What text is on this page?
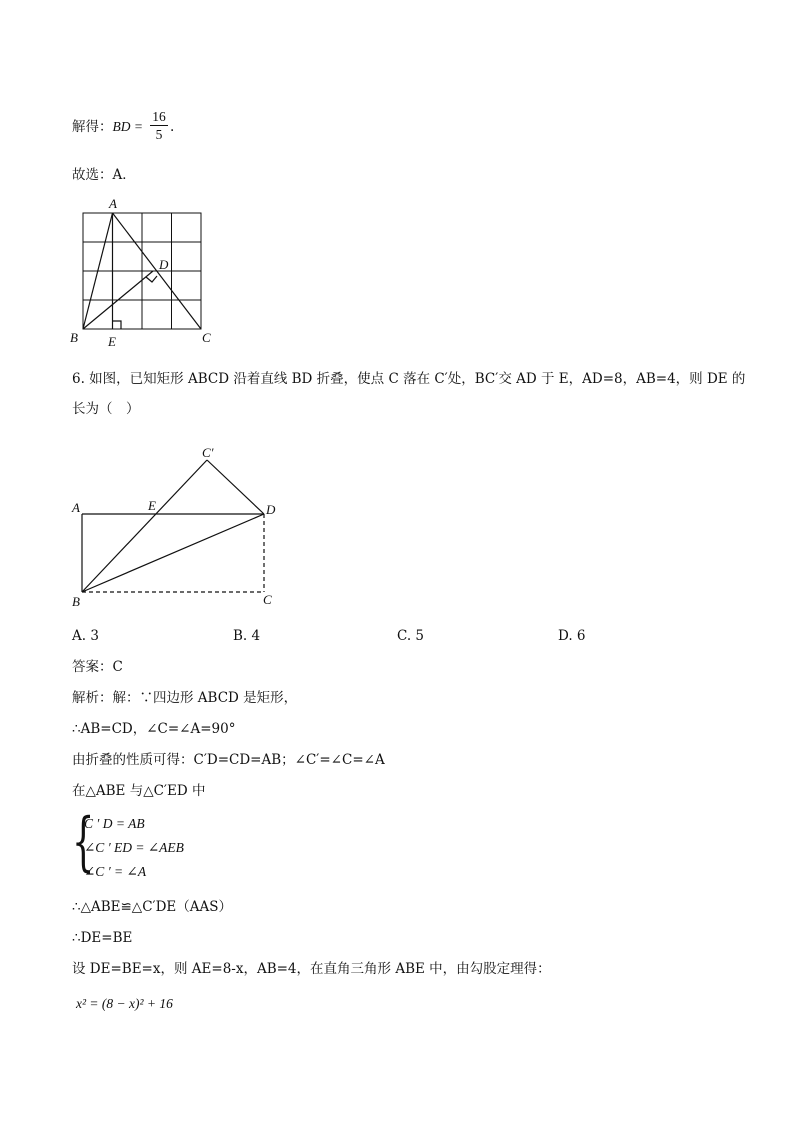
解得：BD =
16
5 .
故选：A．
A
B	C
D
E
6. 如图，已知矩形 ABCD 沿着直线 BD 折叠，使点 C 落在 C′处，BC′交 AD 于 E，AD=8，AB=4，则 DE 的
长为（　）
A
B	C
D
E
C′
A. 3	B. 4	C. 5	D. 6
答案：C
解析：解：∵四边形 ABCD 是矩形，
∴AB=CD，∠C=∠A=90°
由折叠的性质可得：C′D=CD=AB；∠C′=∠C=∠A
在△ABE 与△C′ED 中
{
C ′ D = AB
∠C ′ ED = ∠AEB
∠C ′ = ∠A
∴△ABE≌△C′DE（AAS）
∴DE=BE
设 DE=BE=x，则 AE=8-x，AB=4，在直角三角形 ABE 中，由勾股定理得：
x² = (8 − x)² + 16
